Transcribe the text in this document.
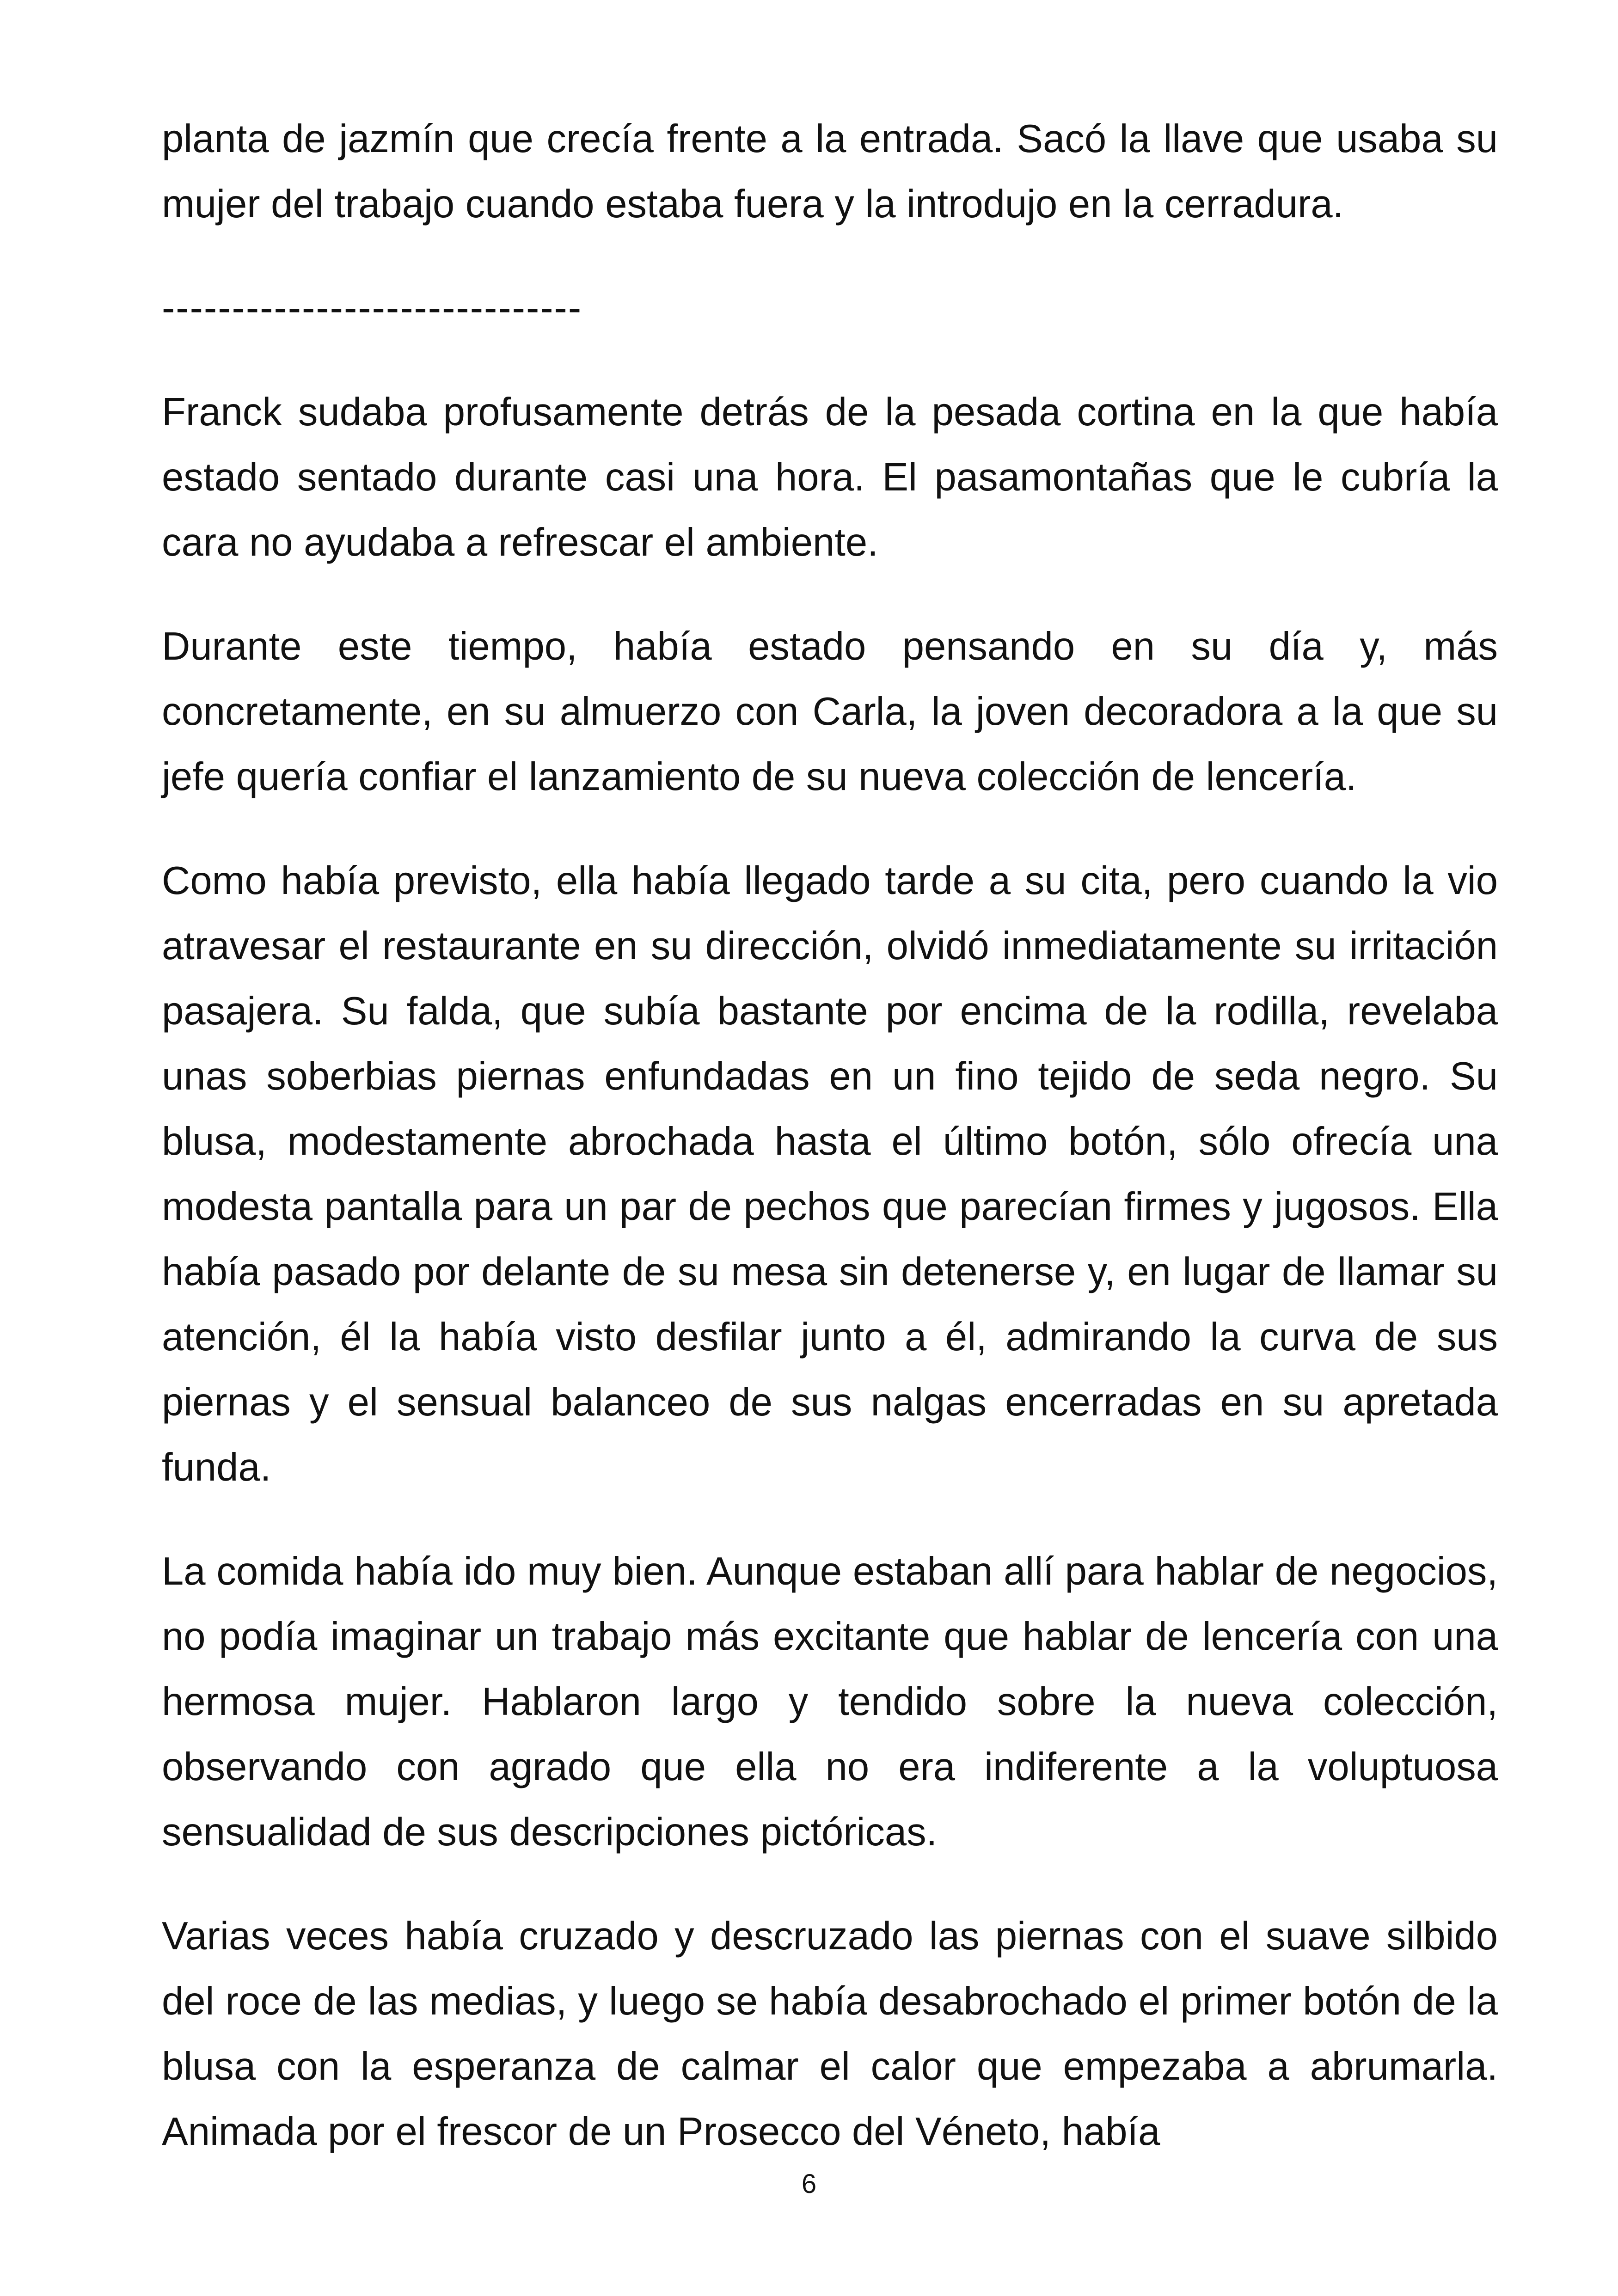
planta de jazmín que crecía frente a la entrada. Sacó la llave que usaba su mujer del trabajo cuando estaba fuera y la introdujo en la cerradura.

------------------------------

Franck sudaba profusamente detrás de la pesada cortina en la que había estado sentado durante casi una hora. El pasamontañas que le cubría la cara no ayudaba a refrescar el ambiente.

Durante este tiempo, había estado pensando en su día y, más concretamente, en su almuerzo con Carla, la joven decoradora a la que su jefe quería confiar el lanzamiento de su nueva colección de lencería.

Como había previsto, ella había llegado tarde a su cita, pero cuando la vio atravesar el restaurante en su dirección, olvidó inmediatamente su irritación pasajera. Su falda, que subía bastante por encima de la rodilla, revelaba unas soberbias piernas enfundadas en un fino tejido de seda negro. Su blusa, modestamente abrochada hasta el último botón, sólo ofrecía una modesta pantalla para un par de pechos que parecían firmes y jugosos. Ella había pasado por delante de su mesa sin detenerse y, en lugar de llamar su atención, él la había visto desfilar junto a él, admirando la curva de sus piernas y el sensual balanceo de sus nalgas encerradas en su apretada funda.

La comida había ido muy bien. Aunque estaban allí para hablar de negocios, no podía imaginar un trabajo más excitante que hablar de lencería con una hermosa mujer. Hablaron largo y tendido sobre la nueva colección, observando con agrado que ella no era indiferente a la voluptuosa sensualidad de sus descripciones pictóricas.

Varias veces había cruzado y descruzado las piernas con el suave silbido del roce de las medias, y luego se había desabrochado el primer botón de la blusa con la esperanza de calmar el calor que empezaba a abrumarla. Animada por el frescor de un Prosecco del Véneto, había

6
